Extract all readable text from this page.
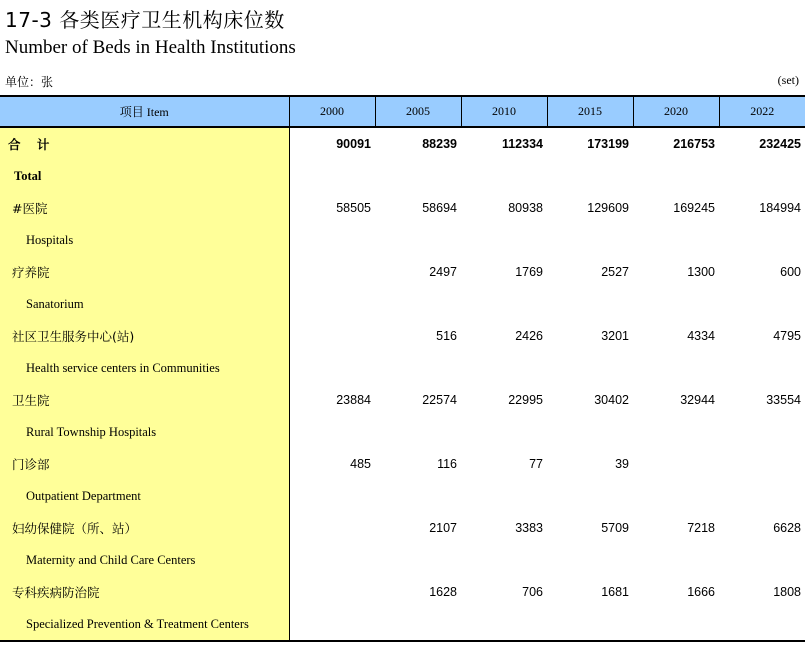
17-3 各类医疗卫生机构床位数
Number of Beds in Health Institutions
单位：张	(set)
项目 Item	2000	2005	2010	2015	2020	2022
合 计	90091	88239	112334	173199	216753	232425
Total						
#医院	58505	58694	80938	129609	169245	184994
Hospitals						
疗养院		2497	1769	2527	1300	600
Sanatorium						
社区卫生服务中心(站)		516	2426	3201	4334	4795
Health service centers in Communities						
卫生院	23884	22574	22995	30402	32944	33554
Rural Township Hospitals						
门诊部	485	116	77	39		
Outpatient Department						
妇幼保健院（所、站）		2107	3383	5709	7218	6628
Maternity and Child Care Centers						
专科疾病防治院		1628	706	1681	1666	1808
Specialized Prevention & Treatment Centers						
